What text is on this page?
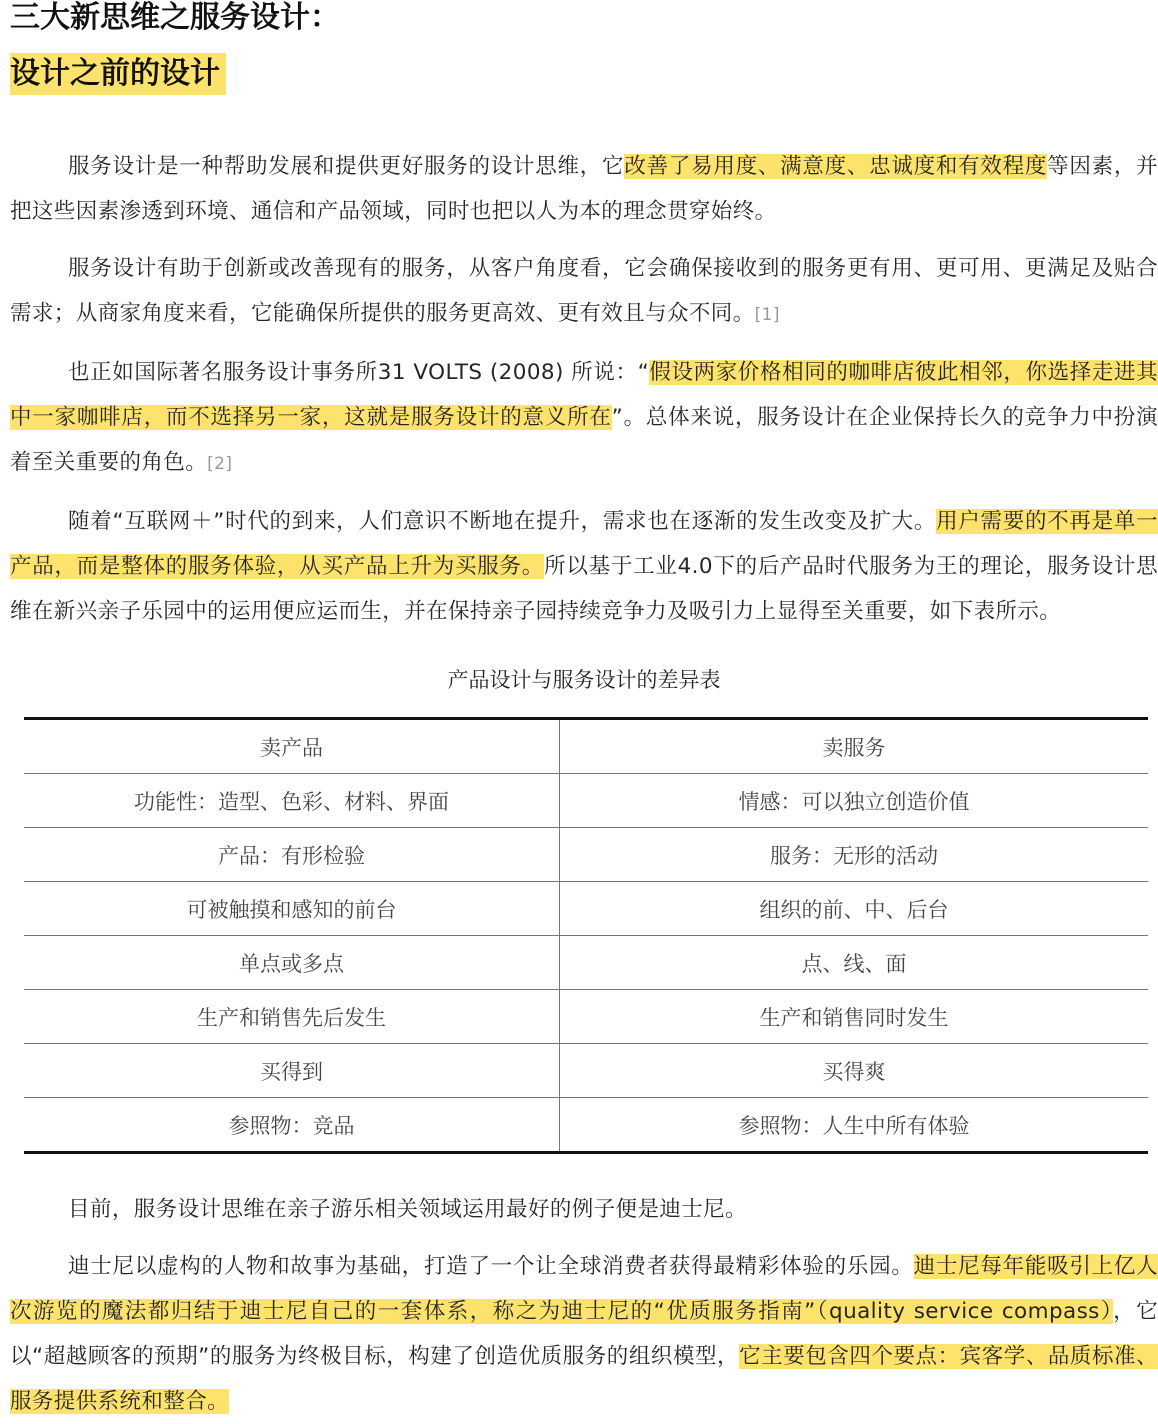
三大新思维之服务设计：
设计之前的设计

服务设计是一种帮助发展和提供更好服务的设计思维，它改善了易用度、满意度、忠诚度和有效程度等因素，并把这些因素渗透到环境、通信和产品领域，同时也把以人为本的理念贯穿始终。

服务设计有助于创新或改善现有的服务，从客户角度看，它会确保接收到的服务更有用、更可用、更满足及贴合需求；从商家角度来看，它能确保所提供的服务更高效、更有效且与众不同。[1]

也正如国际著名服务设计事务所31 VOLTS (2008) 所说：“假设两家价格相同的咖啡店彼此相邻，你选择走进其中一家咖啡店，而不选择另一家，这就是服务设计的意义所在”。总体来说，服务设计在企业保持长久的竞争力中扮演着至关重要的角色。[2]

随着“互联网＋”时代的到来，人们意识不断地在提升，需求也在逐渐的发生改变及扩大。用户需要的不再是单一产品，而是整体的服务体验，从买产品上升为买服务。所以基于工业4.0下的后产品时代服务为王的理论，服务设计思维在新兴亲子乐园中的运用便应运而生，并在保持亲子园持续竞争力及吸引力上显得至关重要，如下表所示。

产品设计与服务设计的差异表

卖产品	卖服务
功能性：造型、色彩、材料、界面	情感：可以独立创造价值
产品：有形检验	服务：无形的活动
可被触摸和感知的前台	组织的前、中、后台
单点或多点	点、线、面
生产和销售先后发生	生产和销售同时发生
买得到	买得爽
参照物：竞品	参照物：人生中所有体验

目前，服务设计思维在亲子游乐相关领域运用最好的例子便是迪士尼。

迪士尼以虚构的人物和故事为基础，打造了一个让全球消费者获得最精彩体验的乐园。迪士尼每年能吸引上亿人次游览的魔法都归结于迪士尼自己的一套体系，称之为迪士尼的“优质服务指南”（quality service compass），它以“超越顾客的预期”的服务为终极目标，构建了创造优质服务的组织模型，它主要包含四个要点：宾客学、品质标准、服务提供系统和整合。
